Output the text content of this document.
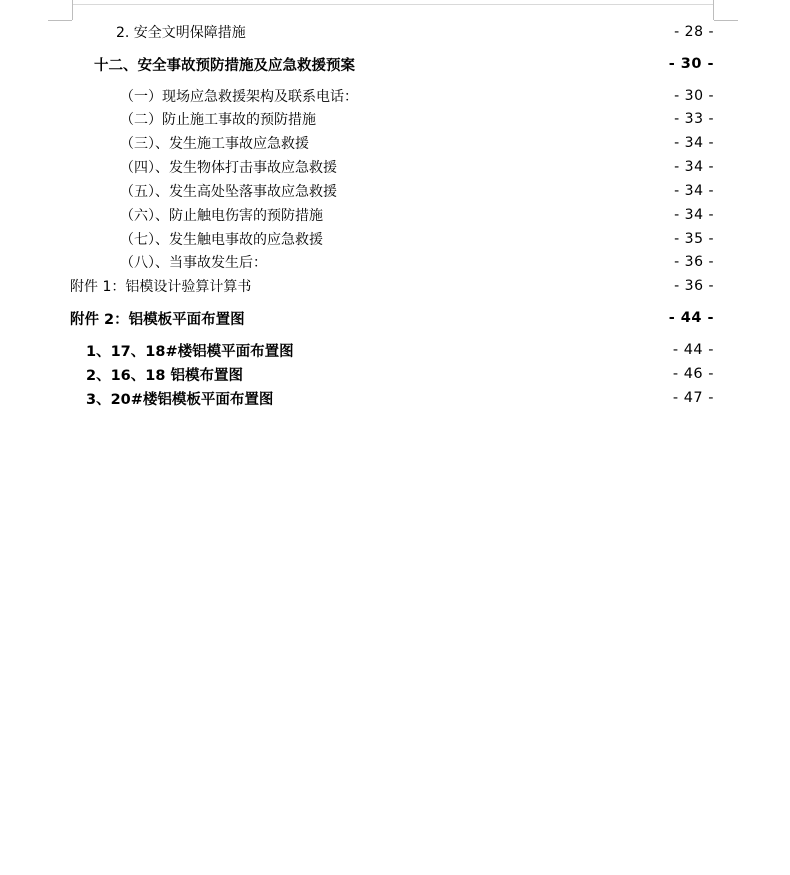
2. 安全文明保障措施	- 28 -
十二、安全事故预防措施及应急救援预案	- 30 -
（一）现场应急救援架构及联系电话：	- 30 -
（二）防止施工事故的预防措施	- 33 -
（三）、发生施工事故应急救援	- 34 -
（四）、发生物体打击事故应急救援	- 34 -
（五）、发生高处坠落事故应急救援	- 34 -
（六）、防止触电伤害的预防措施	- 34 -
（七）、发生触电事故的应急救援	- 35 -
（八）、当事故发生后：	- 36 -
附件 1：铝模设计验算计算书	- 36 -
附件 2：铝模板平面布置图	- 44 -
1、17、18#楼铝模平面布置图	- 44 -
2、16、18 铝模布置图	- 46 -
3、20#楼铝模板平面布置图	- 47 -
